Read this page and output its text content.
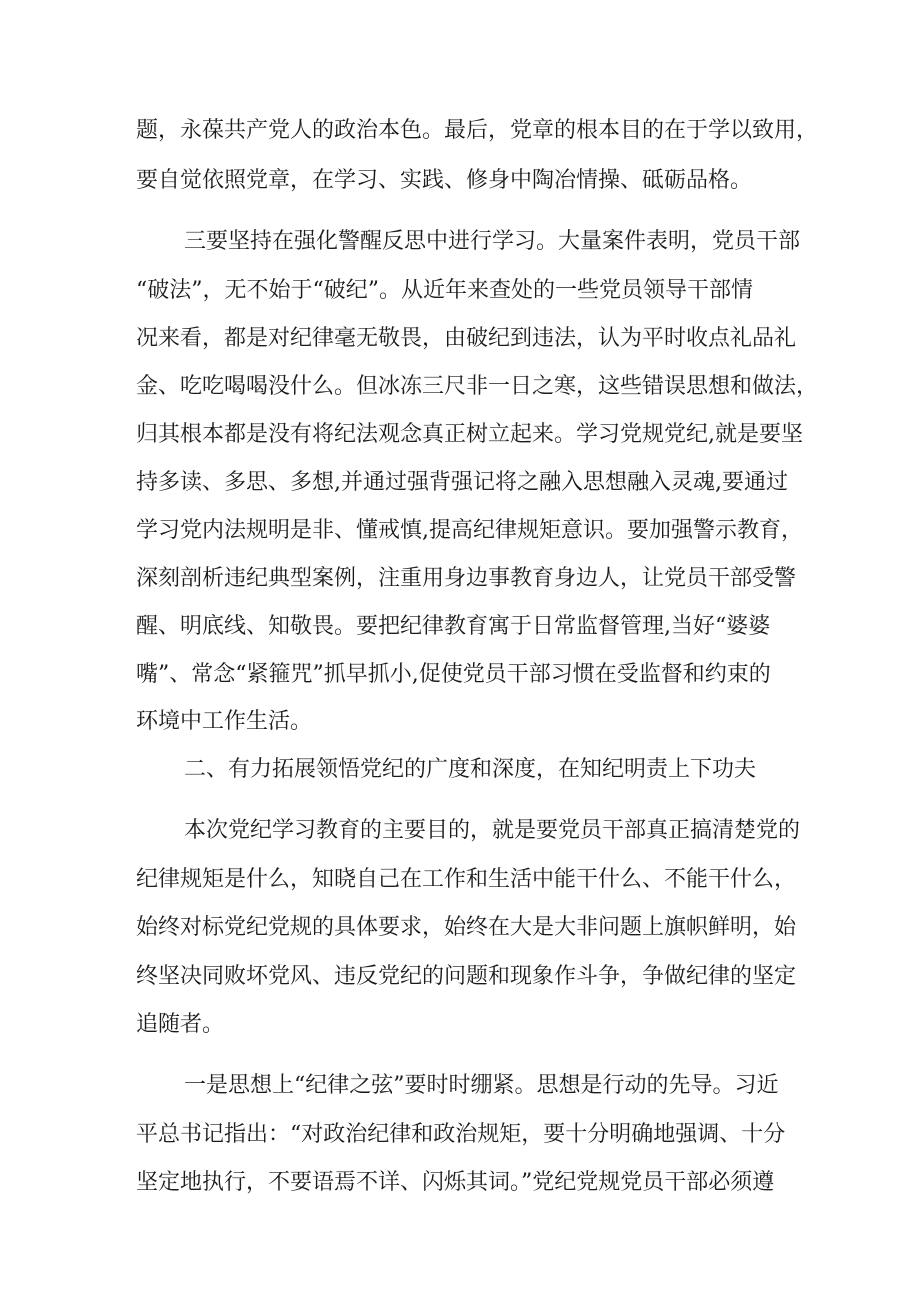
题，永葆共产党人的政治本色。最后，党章的根本目的在于学以致用，

要自觉依照党章，在学习、实践、修身中陶冶情操、砥砺品格。

三要坚持在强化警醒反思中进行学习。大量案件表明，党员干部

“破法”，无不始于“破纪”。从近年来查处的一些党员领导干部情

况来看，都是对纪律毫无敬畏，由破纪到违法，认为平时收点礼品礼

金、吃吃喝喝没什么。但冰冻三尺非一日之寒，这些错误思想和做法，

归其根本都是没有将纪法观念真正树立起来。学习党规党纪,就是要坚

持多读、多思、多想,并通过强背强记将之融入思想融入灵魂,要通过

学习党内法规明是非、懂戒慎,提高纪律规矩意识。要加强警示教育，

深刻剖析违纪典型案例，注重用身边事教育身边人，让党员干部受警

醒、明底线、知敬畏。要把纪律教育寓于日常监督管理,当好“婆婆

嘴”、常念“紧箍咒”抓早抓小,促使党员干部习惯在受监督和约束的

环境中工作生活。

二、有力拓展领悟党纪的广度和深度，在知纪明责上下功夫

本次党纪学习教育的主要目的，就是要党员干部真正搞清楚党的

纪律规矩是什么，知晓自己在工作和生活中能干什么、不能干什么，

始终对标党纪党规的具体要求，始终在大是大非问题上旗帜鲜明，始

终坚决同败坏党风、违反党纪的问题和现象作斗争，争做纪律的坚定

追随者。

一是思想上“纪律之弦”要时时绷紧。思想是行动的先导。习近

平总书记指出：“对政治纪律和政治规矩，要十分明确地强调、十分

坚定地执行，不要语焉不详、闪烁其词。”党纪党规党员干部必须遵
